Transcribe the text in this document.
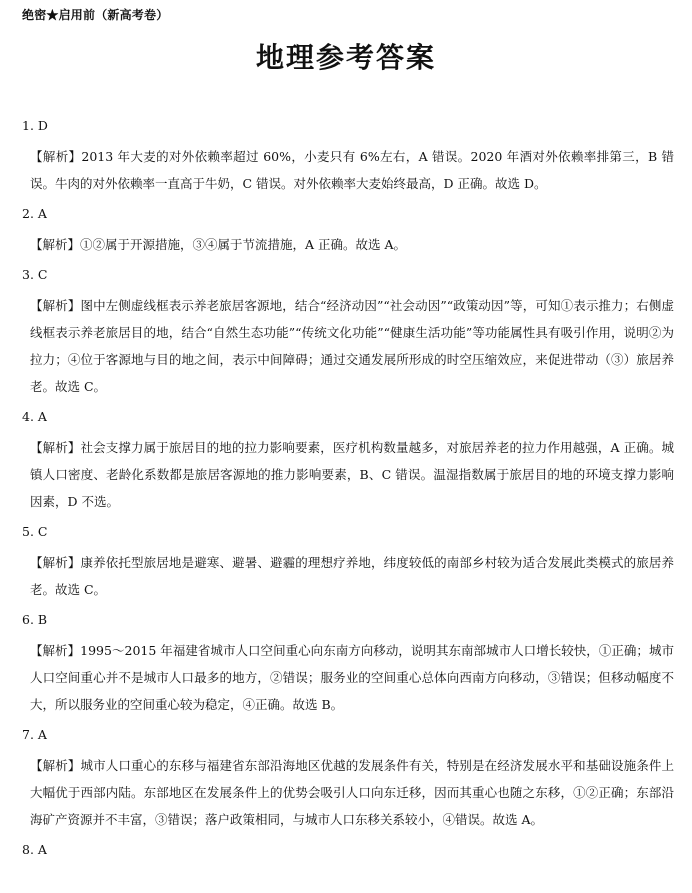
绝密★启用前（新高考卷）
地理参考答案
1. D
【解析】2013 年大麦的对外依赖率超过 60%，小麦只有 6%左右，A 错误。2020 年酒对外依赖率排第三，B 错误。牛肉的对外依赖率一直高于牛奶，C 错误。对外依赖率大麦始终最高，D 正确。故选 D。
2. A
【解析】①②属于开源措施，③④属于节流措施，A 正确。故选 A。
3. C
【解析】图中左侧虚线框表示养老旅居客源地，结合“经济动因”“社会动因”“政策动因”等，可知①表示推力；右侧虚线框表示养老旅居目的地，结合“自然生态功能”“传统文化功能”“健康生活功能”等功能属性具有吸引作用，说明②为拉力；④位于客源地与目的地之间，表示中间障碍；通过交通发展所形成的时空压缩效应，来促进带动（③）旅居养老。故选 C。
4. A
【解析】社会支撑力属于旅居目的地的拉力影响要素，医疗机构数量越多，对旅居养老的拉力作用越强，A 正确。城镇人口密度、老龄化系数都是旅居客源地的推力影响要素，B、C 错误。温湿指数属于旅居目的地的环境支撑力影响因素，D 不选。
5. C
【解析】康养依托型旅居地是避寒、避暑、避霾的理想疗养地，纬度较低的南部乡村较为适合发展此类模式的旅居养老。故选 C。
6. B
【解析】1995～2015 年福建省城市人口空间重心向东南方向移动，说明其东南部城市人口增长较快，①正确；城市人口空间重心并不是城市人口最多的地方，②错误；服务业的空间重心总体向西南方向移动，③错误；但移动幅度不大，所以服务业的空间重心较为稳定，④正确。故选 B。
7. A
【解析】城市人口重心的东移与福建省东部沿海地区优越的发展条件有关，特别是在经济发展水平和基础设施条件上大幅优于西部内陆。东部地区在发展条件上的优势会吸引人口向东迁移，因而其重心也随之东移，①②正确；东部沿海矿产资源并不丰富，③错误；落户政策相同，与城市人口东移关系较小，④错误。故选 A。
8. A
